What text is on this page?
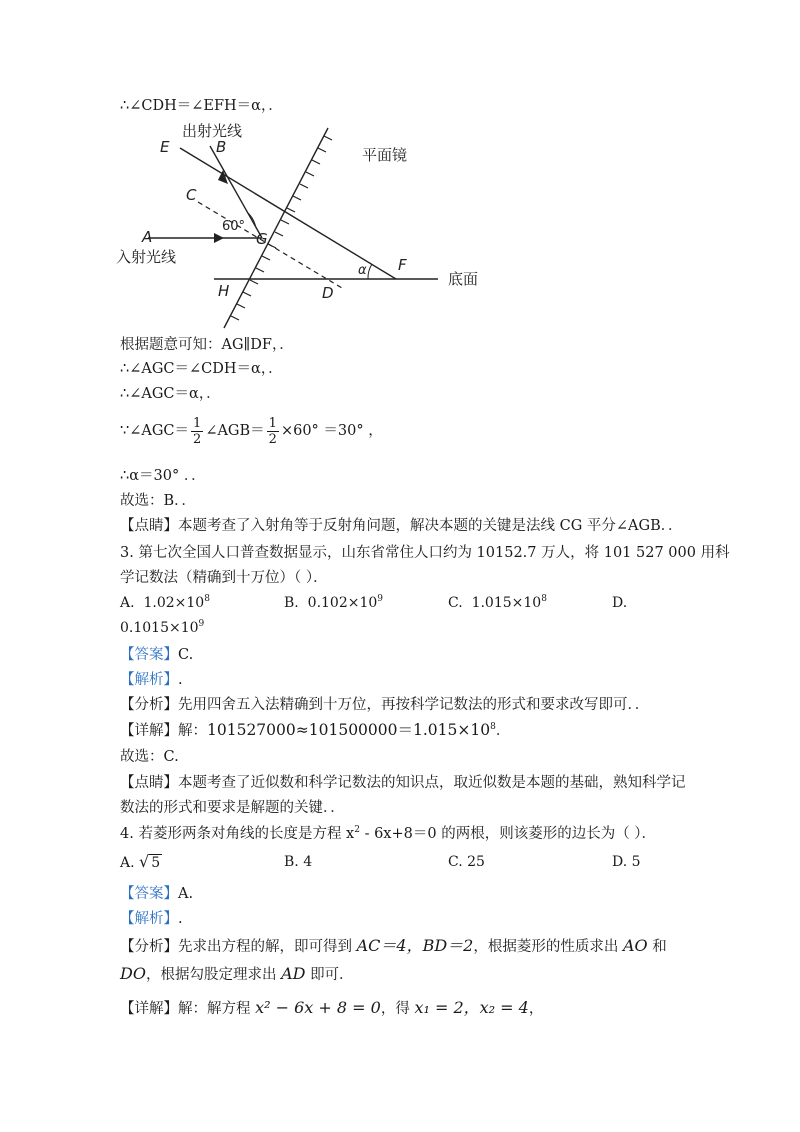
∴∠CDH＝∠EFH＝α，．
出射光线
平面镜
入射光线
底面
60°
α
E	B
C
A	G
H	D
F
根据题意可知：AG∥DF，．
∴∠AGC＝∠CDH＝α，．
∴∠AGC＝α，．
∵∠AGC＝ $\frac{1}{2}$ ∠AGB＝ $\frac{1}{2} \times 60^\circ =30^\circ$ ，
∴α＝30° ．．
故选：B．．
【点睛】本题考查了入射角等于反射角问题，解决本题的关键是法线 CG 平分∠AGB．．
3. 第七次全国人口普查数据显示，山东省常住人口约为 10152.7 万人，将 101 527 000 用科
学记数法（精确到十万位）（ ）．
A. $1.02\times 10^8$	B. $0.102\times 10^9$	C. $1.015\times 10^8$	D.
$0.1015\times 10^9$
【答案】C.
【解析】.
【分析】先用四舍五入法精确到十万位，再按科学记数法的形式和要求改写即可．．
【详解】解：$101527000\approx 101500000=1.015\times 10^8$．
故选：C.
【点睛】本题考查了近似数和科学记数法的知识点，取近似数是本题的基础，熟知科学记
数法的形式和要求是解题的关键．．
4. 若菱形两条对角线的长度是方程 $x^2 - 6x+8=0$ 的两根，则该菱形的边长为（ ）．
A. √ 5	B. 4	C. 25	D. 5
【答案】A.
【解析】.
【分析】先求出方程的解，即可得到 AC＝4，BD＝2，根据菱形的性质求出 AO 和
DO，根据勾股定理求出 AD 即可．
【详解】解：解方程 x² − 6x + 8 = 0，得 x₁ = 2，x₂ = 4，
